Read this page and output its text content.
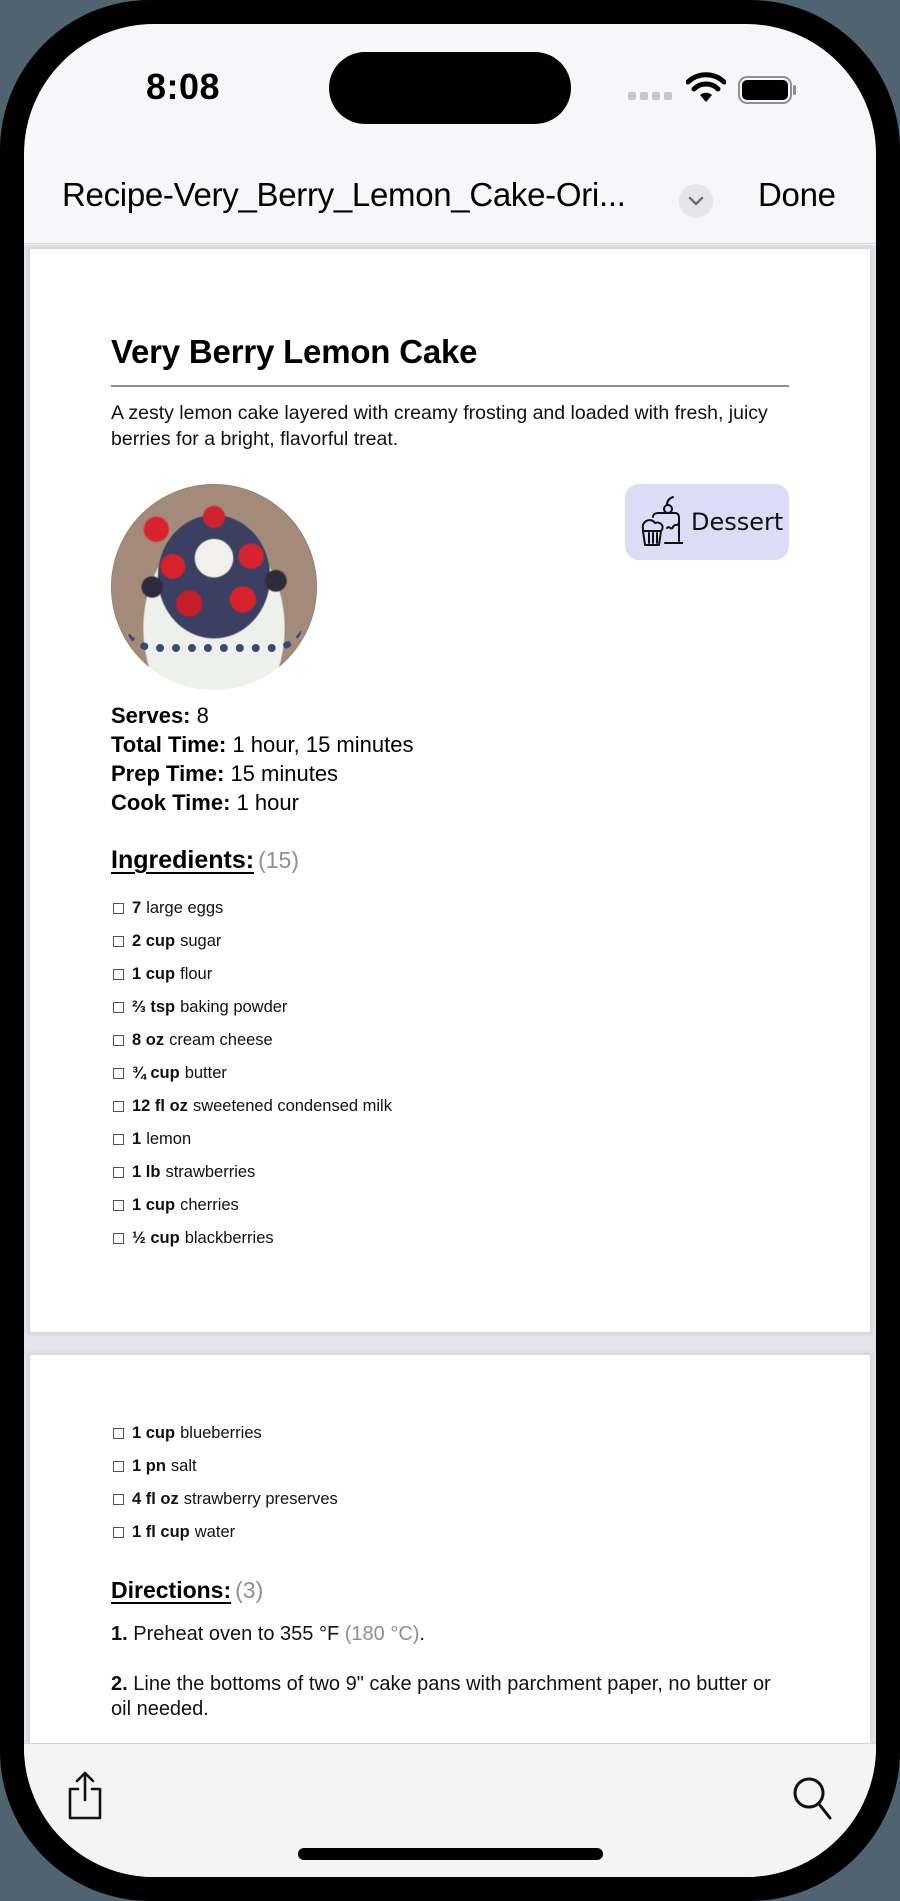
8:08
Recipe-Very_Berry_Lemon_Cake-Ori...	Done
Very Berry Lemon Cake
A zesty lemon cake layered with creamy frosting and loaded with fresh, juicy berries for a bright, flavorful treat.
Dessert
Serves: 8
Total Time: 1 hour, 15 minutes
Prep Time: 15 minutes
Cook Time: 1 hour
Ingredients: (15)
7 large eggs
2 cup sugar
1 cup flour
⅔ tsp baking powder
8 oz cream cheese
¾ cup butter
12 fl oz sweetened condensed milk
1 lemon
1 lb strawberries
1 cup cherries
½ cup blackberries
1 cup blueberries
1 pn salt
4 fl oz strawberry preserves
1 fl cup water
Directions: (3)
1. Preheat oven to 355 °F (180 °C).
2. Line the bottoms of two 9" cake pans with parchment paper, no butter or oil needed.
